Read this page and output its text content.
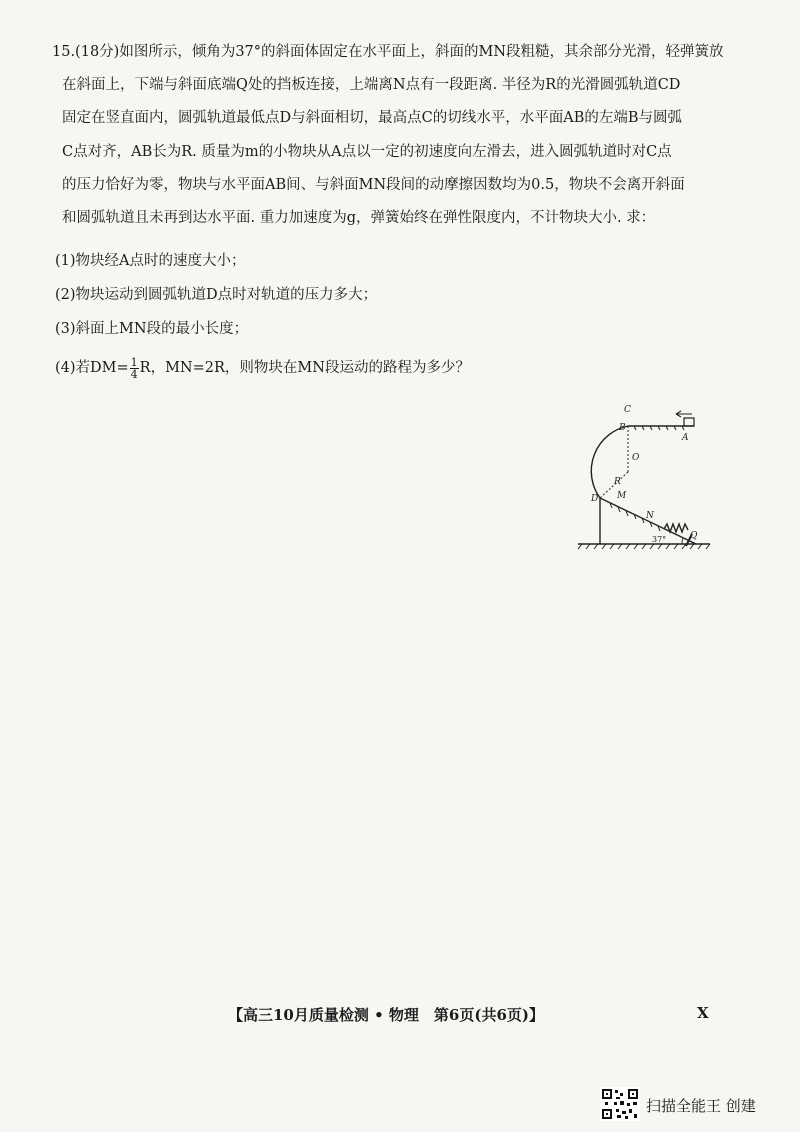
15.(18分)如图所示，倾角为37°的斜面体固定在水平面上，斜面的MN段粗糙，其余部分光滑，轻弹簧放
在斜面上，下端与斜面底端Q处的挡板连接，上端离N点有一段距离. 半径为R的光滑圆弧轨道CD
固定在竖直面内，圆弧轨道最低点D与斜面相切，最高点C的切线水平，水平面AB的左端B与圆弧
C点对齐，AB长为R. 质量为m的小物块从A点以一定的初速度向左滑去，进入圆弧轨道时对C点
的压力恰好为零，物块与水平面AB间、与斜面MN段间的动摩擦因数均为0.5，物块不会离开斜面
和圆弧轨道且未再到达水平面. 重力加速度为g，弹簧始终在弹性限度内，不计物块大小. 求：
(1)物块经A点时的速度大小；
(2)物块运动到圆弧轨道D点时对轨道的压力多大；
(3)斜面上MN段的最小长度；
(4)若$DM= \frac{1}{4}$ R，MN=2R，则物块在MN段运动的路程为多少？
C
B
A
O
R
D M
N
Q
37°
【高三10月质量检测 • 物理　第6页(共6页)】	X
扫描全能王 创建
